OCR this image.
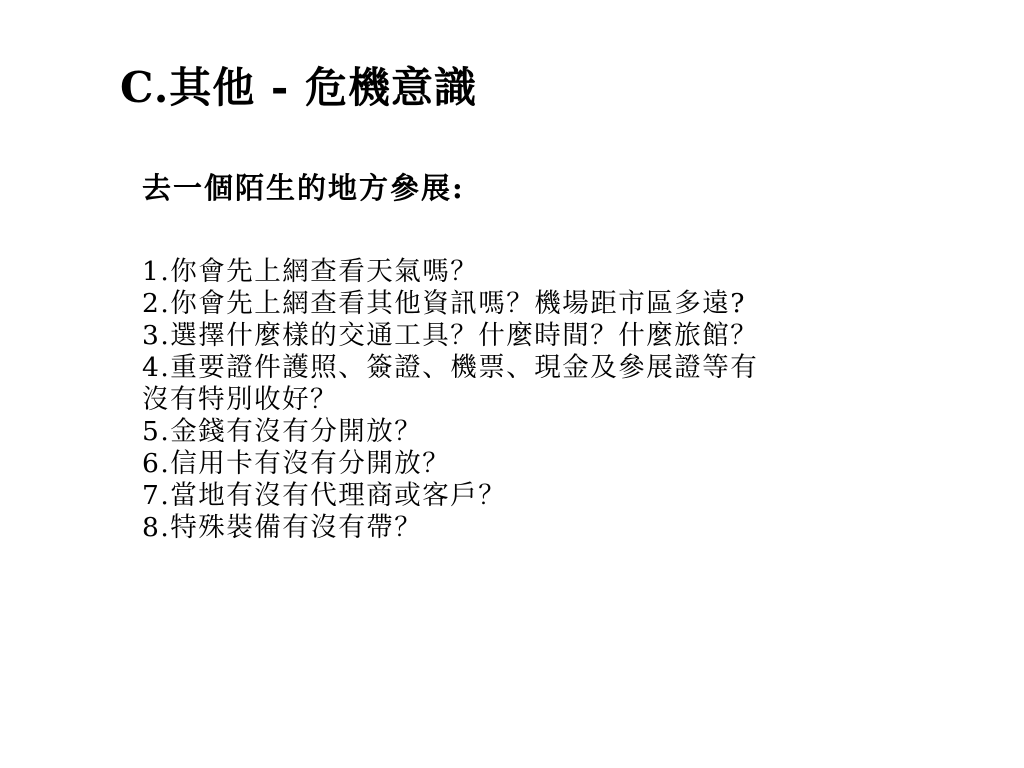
C.其他 - 危機意識

去一個陌生的地方參展:

1.你會先上網查看天氣嗎？
2.你會先上網查看其他資訊嗎？機場距市區多遠?
3.選擇什麼樣的交通工具？什麼時間？什麼旅館？
4.重要證件護照、簽證、機票、現金及參展證等有
沒有特別收好？
5.金錢有沒有分開放？
6.信用卡有沒有分開放？
7.當地有沒有代理商或客戶？
8.特殊裝備有沒有帶？
